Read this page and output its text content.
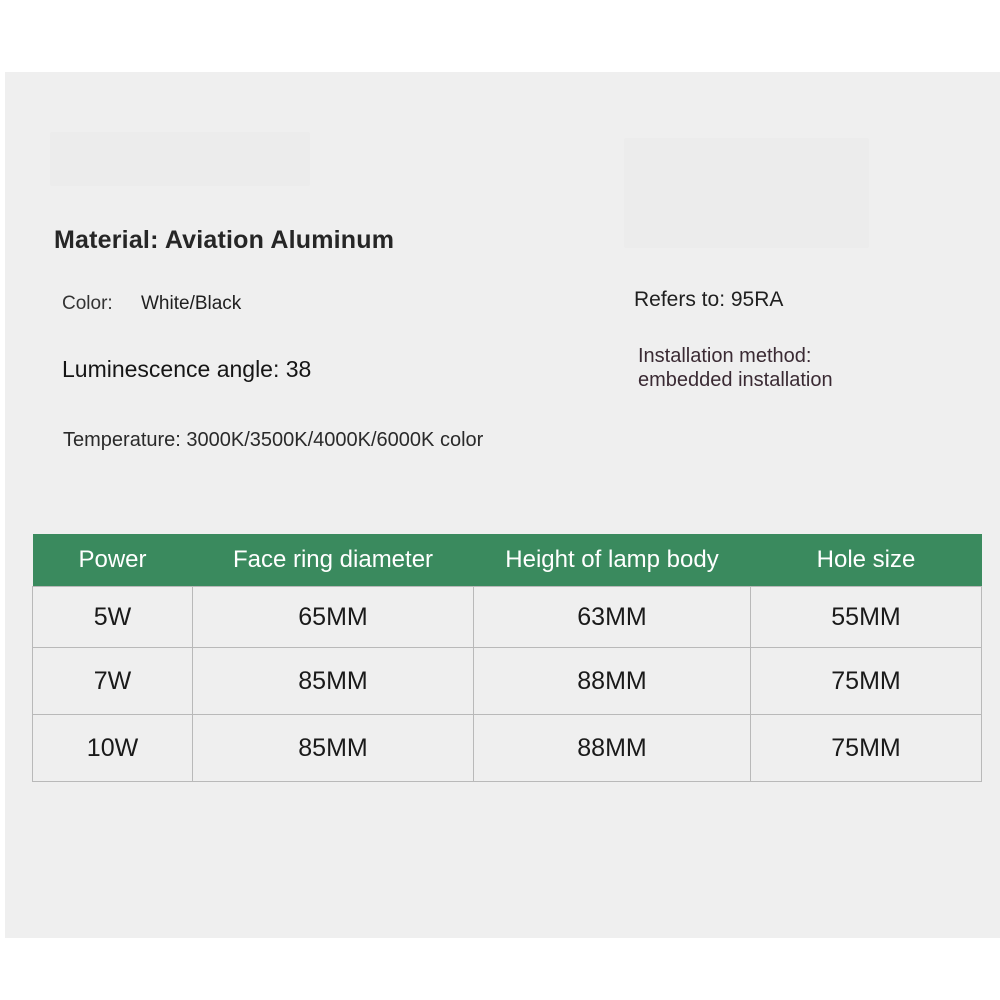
Material: Aviation Aluminum
Color: White/Black	Refers to: 95RA
Luminescence angle: 38	Installation method:
embedded installation
Temperature: 3000K/3500K/4000K/6000K color
Power	Face ring diameter	Height of lamp body	Hole size
5W	65MM	63MM	55MM
7W	85MM	88MM	75MM
10W	85MM	88MM	75MM
